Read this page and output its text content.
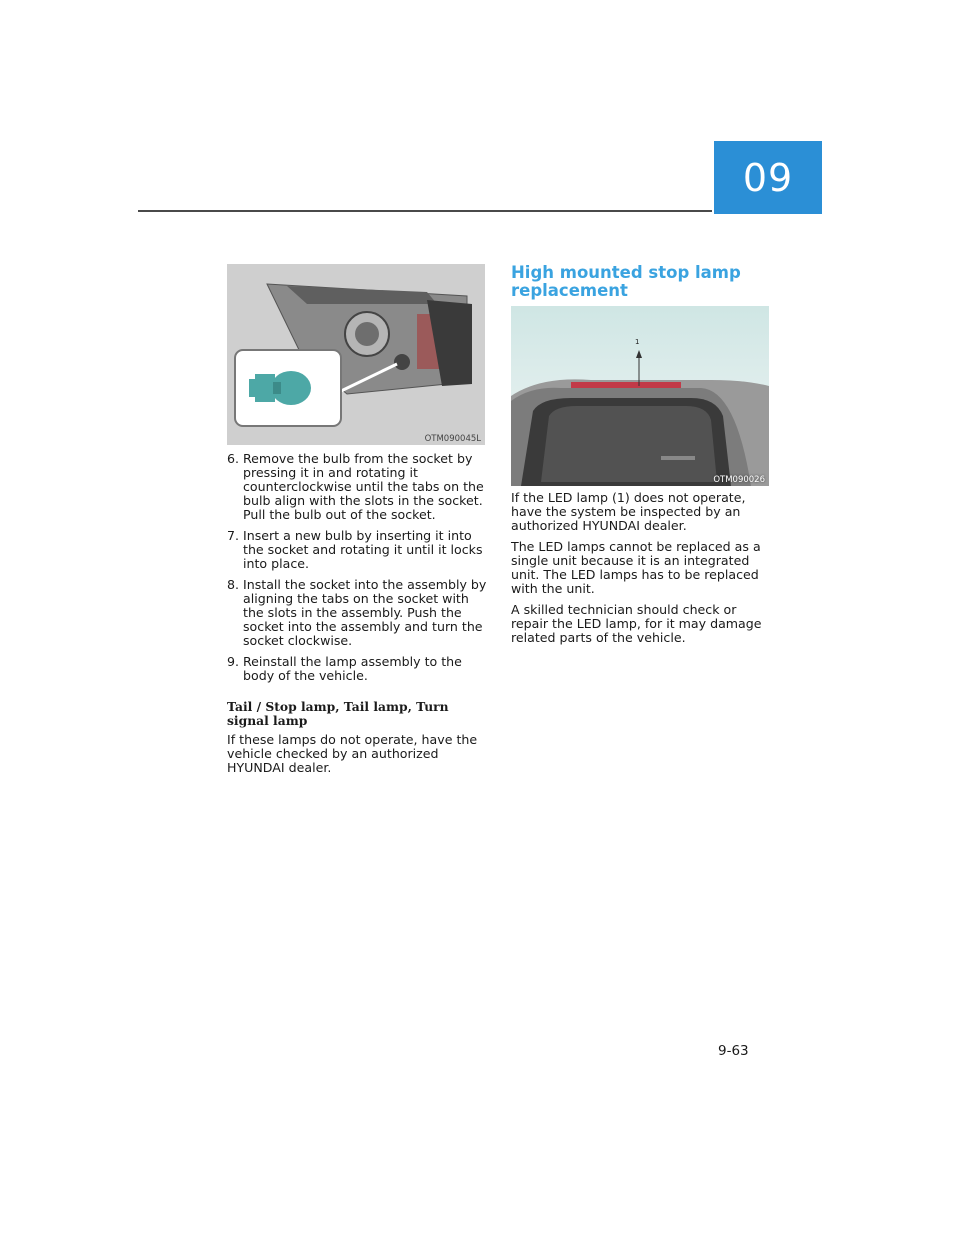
09
OTM090045L
6. Remove the bulb from the socket by pressing it in and rotating it counterclockwise until the tabs on the bulb align with the slots in the socket. Pull the bulb out of the socket.
7. Insert a new bulb by inserting it into the socket and rotating it until it locks into place.
8. Install the socket into the assembly by aligning the tabs on the socket with the slots in the assembly. Push the socket into the assembly and turn the socket clockwise.
9. Reinstall the lamp assembly to the body of the vehicle.
Tail / Stop lamp, Tail lamp, Turn signal lamp

If these lamps do not operate, have the vehicle checked by an authorized HYUNDAI dealer.

High mounted stop lamp replacement
1
OTM090026

If the LED lamp (1) does not operate, have the system be inspected by an authorized HYUNDAI dealer.

The LED lamps cannot be replaced as a single unit because it is an integrated unit. The LED lamps has to be replaced with the unit.

A skilled technician should check or repair the LED lamp, for it may damage related parts of the vehicle.

9-63
